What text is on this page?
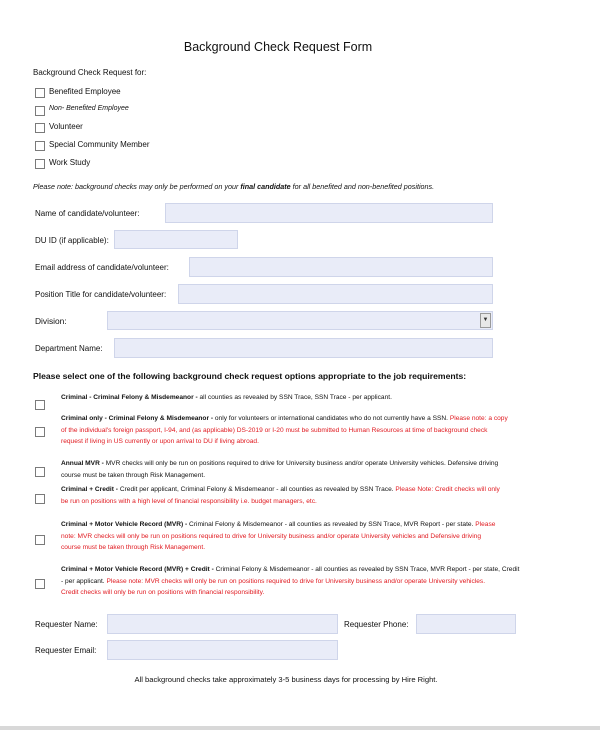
Background Check Request Form
Background Check Request for:
Benefited Employee
Non- Benefited Employee
Volunteer
Special Community Member
Work Study
Please note: background checks may only be performed on your final candidate for all benefited and non-benefited positions.
Name of candidate/volunteer:
DU ID (if applicable):
Email address of candidate/volunteer:
Position Title for candidate/volunteer:
Division:	▼
Department Name:
Please select one of the following background check request options appropriate to the job requirements:
Criminal - Criminal Felony & Misdemeanor - all counties as revealed by SSN Trace, SSN Trace - per applicant.
Criminal only - Criminal Felony & Misdemeanor - only for volunteers or international candidates who do not currently have a SSN. Please note: a copy
of the individual's foreign passport, I-94, and (as applicable) DS-2019 or I-20 must be submitted to Human Resources at time of background check
request if living in US currently or upon arrival to DU if living abroad.
Annual MVR - MVR checks will only be run on positions required to drive for University business and/or operate University vehicles. Defensive driving
course must be taken through Risk Management.
Criminal + Credit - Credit per applicant, Criminal Felony & Misdemeanor - all counties as revealed by SSN Trace. Please Note: Credit checks will only
be run on positions with a high level of financial responsibility i.e. budget managers, etc.
Criminal + Motor Vehicle Record (MVR) - Criminal Felony & Misdemeanor - all counties as revealed by SSN Trace, MVR Report - per state. Please
note: MVR checks will only be run on positions required to drive for University business and/or operate University vehicles and Defensive driving
course must be taken through Risk Management.
Criminal + Motor Vehicle Record (MVR) + Credit - Criminal Felony & Misdemeanor - all counties as revealed by SSN Trace, MVR Report - per state, Credit
- per applicant. Please note: MVR checks will only be run on positions required to drive for University business and/or operate University vehicles.
Credit checks will only be run on positions with financial responsibility.
Requester Name:	Requester Phone:
Requester Email:
All background checks take approximately 3-5 business days for processing by Hire Right.
